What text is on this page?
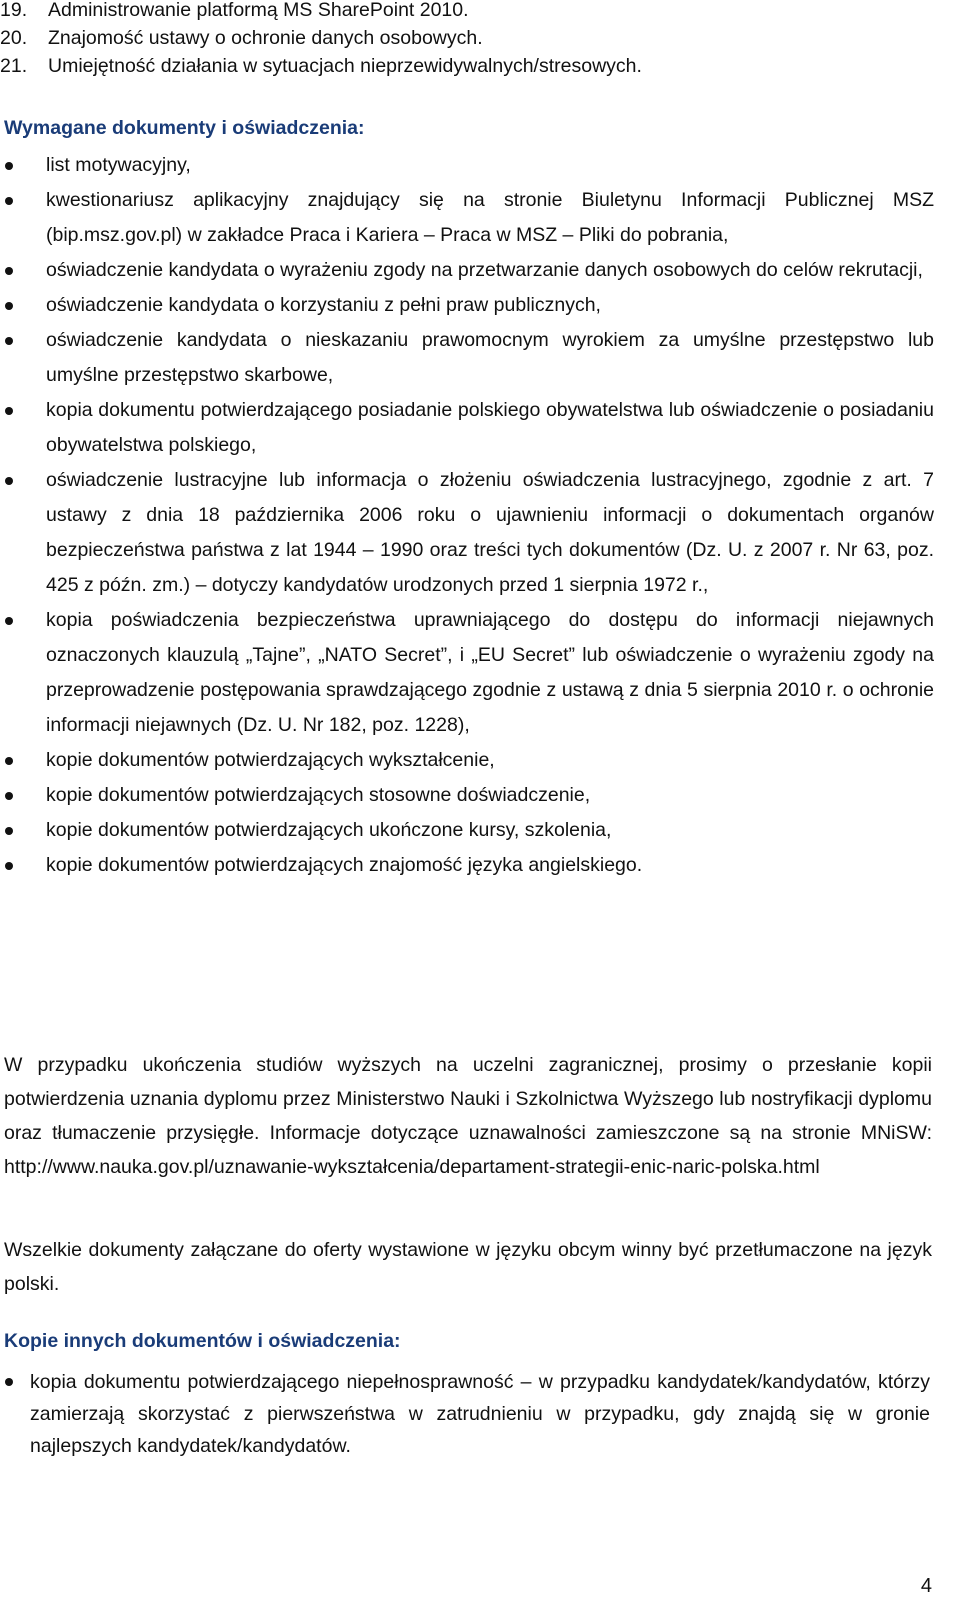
19.	Administrowanie platformą MS SharePoint 2010.
20.	Znajomość ustawy o ochronie danych osobowych.
21.	Umiejętność działania w sytuacjach nieprzewidywalnych/stresowych.
Wymagane dokumenty i oświadczenia:
list motywacyjny,
kwestionariusz aplikacyjny znajdujący się na stronie Biuletynu Informacji Publicznej MSZ (bip.msz.gov.pl) w zakładce Praca i Kariera – Praca w MSZ – Pliki do pobrania,
oświadczenie kandydata o wyrażeniu zgody na przetwarzanie danych osobowych do celów rekrutacji,
oświadczenie kandydata o korzystaniu z pełni praw publicznych,
oświadczenie kandydata o nieskazaniu prawomocnym wyrokiem za umyślne przestępstwo lub umyślne przestępstwo skarbowe,
kopia dokumentu potwierdzającego posiadanie polskiego obywatelstwa lub oświadczenie o posiadaniu obywatelstwa polskiego,
oświadczenie lustracyjne lub informacja o złożeniu oświadczenia lustracyjnego, zgodnie z art. 7 ustawy z dnia 18 października 2006 roku o ujawnieniu informacji o dokumentach organów bezpieczeństwa państwa z lat 1944 – 1990 oraz treści tych dokumentów (Dz. U. z 2007 r. Nr 63, poz. 425 z późn. zm.) – dotyczy kandydatów urodzonych przed 1 sierpnia 1972 r.,
kopia poświadczenia bezpieczeństwa uprawniającego do dostępu do informacji niejawnych oznaczonych klauzulą „Tajne”, „NATO Secret”, i „EU Secret” lub oświadczenie o wyrażeniu zgody na przeprowadzenie postępowania sprawdzającego zgodnie z ustawą z dnia 5 sierpnia 2010 r. o ochronie informacji niejawnych (Dz. U. Nr 182, poz. 1228),
kopie dokumentów potwierdzających wykształcenie,
kopie dokumentów potwierdzających stosowne doświadczenie,
kopie dokumentów potwierdzających ukończone kursy, szkolenia,
kopie dokumentów potwierdzających znajomość języka angielskiego.
W przypadku ukończenia studiów wyższych na uczelni zagranicznej, prosimy o przesłanie kopii potwierdzenia uznania dyplomu przez Ministerstwo Nauki i Szkolnictwa Wyższego lub nostryfikacji dyplomu oraz tłumaczenie przysięgłe. Informacje dotyczące uznawalności zamieszczone są na stronie MNiSW: http://www.nauka.gov.pl/uznawanie-wykształcenia/departament-strategii-enic-naric-polska.html
Wszelkie dokumenty załączane do oferty wystawione w języku obcym winny być przetłumaczone na język polski.
Kopie innych dokumentów i oświadczenia:
kopia dokumentu potwierdzającego niepełnosprawność – w przypadku kandydatek/kandydatów, którzy zamierzają skorzystać z pierwszeństwa w zatrudnieniu w przypadku, gdy znajdą się w gronie najlepszych kandydatek/kandydatów.
4
